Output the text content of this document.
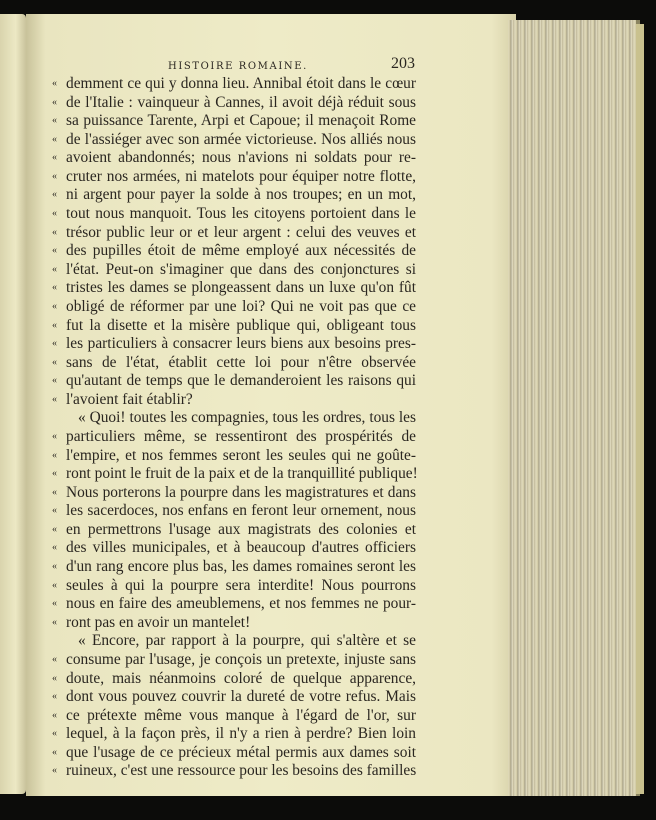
HISTOIRE ROMAINE.	203
« demment ce qui y donna lieu. Annibal étoit dans le cœur
« de l'Italie : vainqueur à Cannes, il avoit déjà réduit sous
« sa puissance Tarente, Arpi et Capoue; il menaçoit Rome
« de l'assiéger avec son armée victorieuse. Nos alliés nous
« avoient abandonnés; nous n'avions ni soldats pour re-
« cruter nos armées, ni matelots pour équiper notre flotte,
« ni argent pour payer la solde à nos troupes; en un mot,
« tout nous manquoit. Tous les citoyens portoient dans le
« trésor public leur or et leur argent : celui des veuves et
« des pupilles étoit de même employé aux nécessités de
« l'état. Peut-on s'imaginer que dans des conjonctures si
« tristes les dames se plongeassent dans un luxe qu'on fût
« obligé de réformer par une loi? Qui ne voit pas que ce
« fut la disette et la misère publique qui, obligeant tous
« les particuliers à consacrer leurs biens aux besoins pres-
« sans de l'état, établit cette loi pour n'être observée
« qu'autant de temps que le demanderoient les raisons qui
« l'avoient fait établir?
« Quoi! toutes les compagnies, tous les ordres, tous les
« particuliers même, se ressentiront des prospérités de
« l'empire, et nos femmes seront les seules qui ne goûte-
« ront point le fruit de la paix et de la tranquillité publique!
« Nous porterons la pourpre dans les magistratures et dans
« les sacerdoces, nos enfans en feront leur ornement, nous
« en permettrons l'usage aux magistrats des colonies et
« des villes municipales, et à beaucoup d'autres officiers
« d'un rang encore plus bas, les dames romaines seront les
« seules à qui la pourpre sera interdite! Nous pourrons
« nous en faire des ameublemens, et nos femmes ne pour-
« ront pas en avoir un mantelet!
« Encore, par rapport à la pourpre, qui s'altère et se
« consume par l'usage, je conçois un pretexte, injuste sans
« doute, mais néanmoins coloré de quelque apparence,
« dont vous pouvez couvrir la dureté de votre refus. Mais
« ce prétexte même vous manque à l'égard de l'or, sur
« lequel, à la façon près, il n'y a rien à perdre? Bien loin
« que l'usage de ce précieux métal permis aux dames soit
« ruineux, c'est une ressource pour les besoins des familles
